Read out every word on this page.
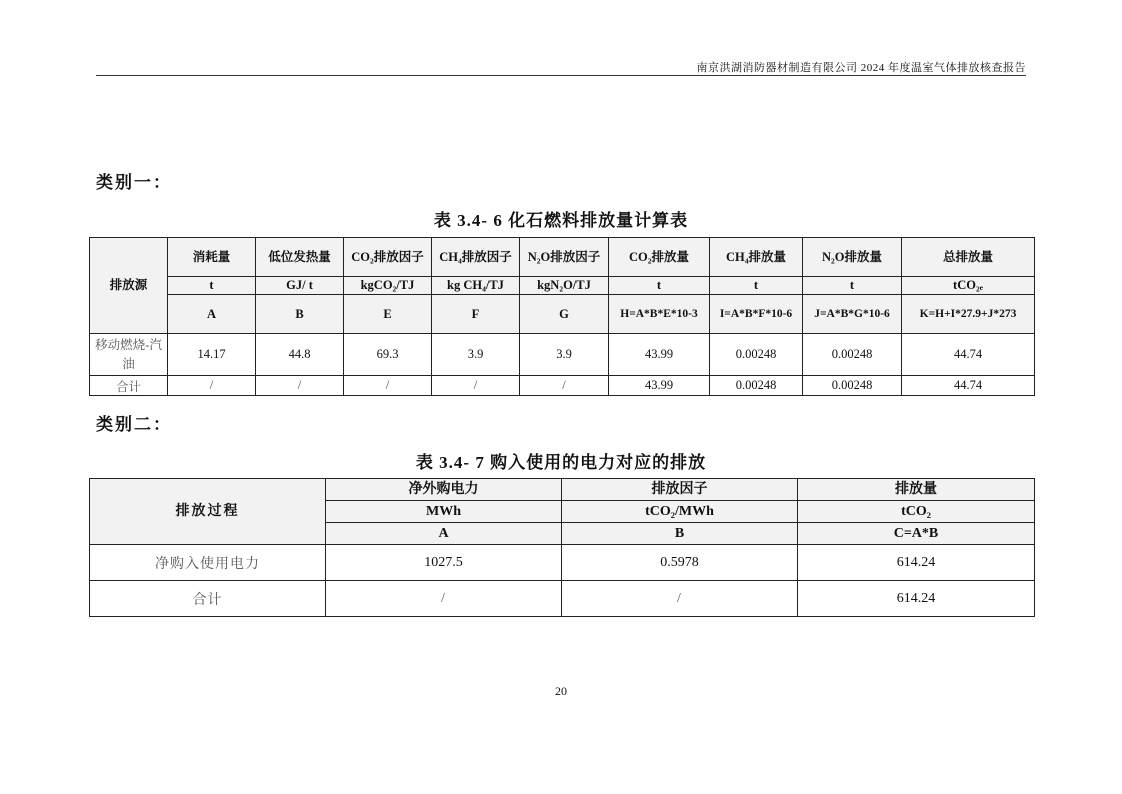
南京洪湖消防器材制造有限公司 2024 年度温室气体排放核查报告
类别一：
表 3.4- 6 化石燃料排放量计算表
排放源	消耗量	低位发热量	CO₂排放因子	CH₄排放因子	N₂O排放因子	CO₂排放量	CH₄排放量	N₂O排放量	总排放量
	t	GJ/ t	kgCO₂/TJ	kg CH₄/TJ	kgN₂O/TJ	t	t	t	tCO₂ₑ
	A	B	E	F	G	H=A*B*E*10-3	I=A*B*F*10-6	J=A*B*G*10-6	K=H+I*27.9+J*273
移动燃烧-汽油	14.17	44.8	69.3	3.9	3.9	43.99	0.00248	0.00248	44.74
合计	/	/	/	/	/	43.99	0.00248	0.00248	44.74
类别二：
表 3.4- 7 购入使用的电力对应的排放
排放过程	净外购电力	排放因子	排放量
	MWh	tCO₂/MWh	tCO₂
	A	B	C=A*B
净购入使用电力	1027.5	0.5978	614.24
合计	/	/	614.24
20
